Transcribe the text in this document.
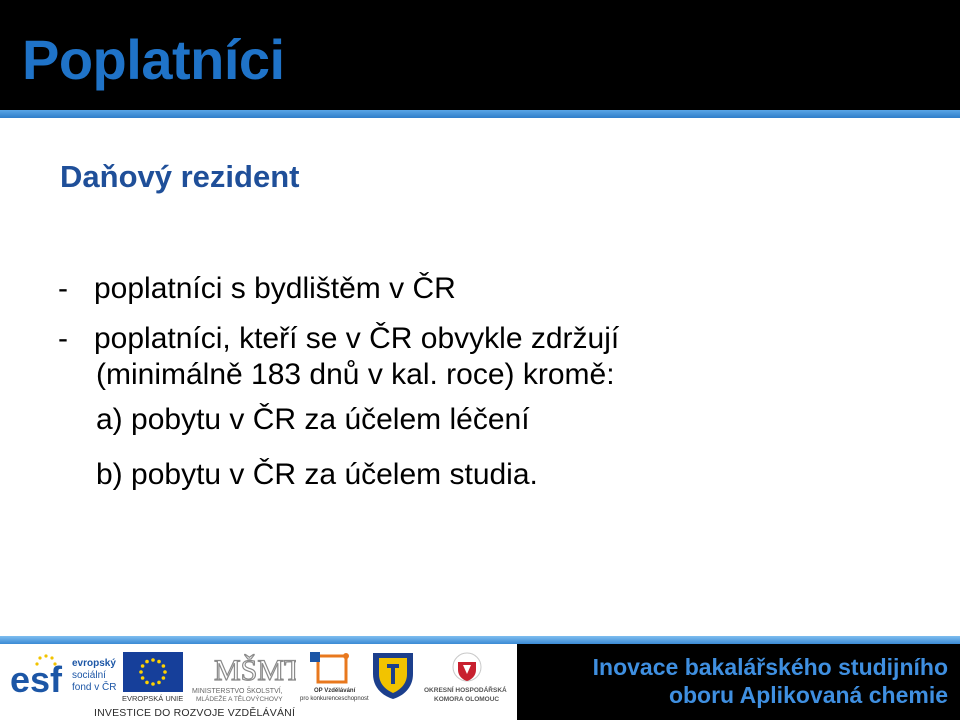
Poplatníci
Daňový rezident
- poplatníci s bydlištěm v ČR
- poplatníci, kteří se v ČR obvykle zdržují
(minimálně 183 dnů v kal. roce) kromě:
a) pobytu v ČR za účelem léčení
b) pobytu v ČR za účelem studia.
esf evropský
sociální
fond v ČR
EVROPSKÁ UNIE
MŠMT
MINISTERSTVO ŠKOLSTVÍ,
MLÁDEŽE A TĚLOVÝCHOVY
OP Vzdělávání
pro konkurenceschopnost
OKRESNÍ HOSPODÁŘSKÁ
KOMORA OLOMOUC
INVESTICE DO ROZVOJE VZDĚLÁVÁNÍ
Inovace bakalářského studijního
oboru Aplikovaná chemie
